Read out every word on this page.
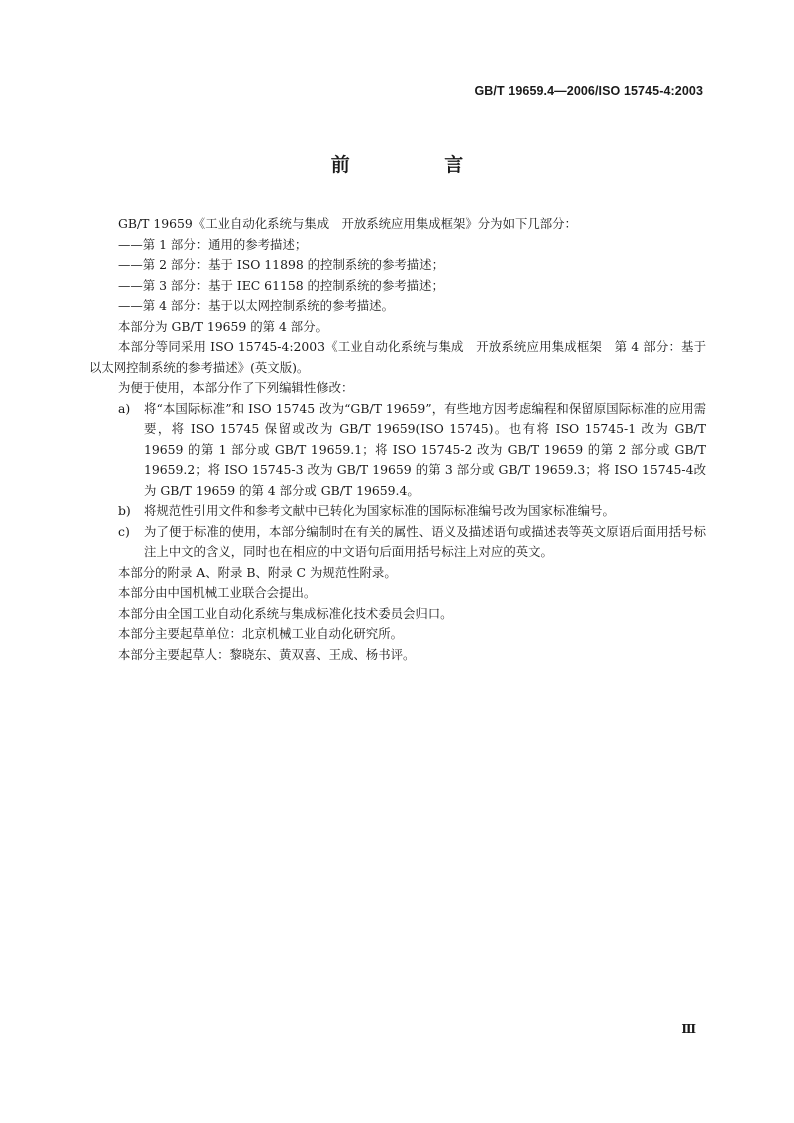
GB/T 19659.4—2006/ISO 15745-4:2003
前 言

GB/T 19659《工业自动化系统与集成　开放系统应用集成框架》分为如下几部分：

——第 1 部分：通用的参考描述；

——第 2 部分：基于 ISO 11898 的控制系统的参考描述；

——第 3 部分：基于 IEC 61158 的控制系统的参考描述；

——第 4 部分：基于以太网控制系统的参考描述。

本部分为 GB/T 19659 的第 4 部分。

本部分等同采用 ISO 15745-4:2003《工业自动化系统与集成　开放系统应用集成框架　第 4 部分：基于以太网控制系统的参考描述》(英文版)。

为便于使用，本部分作了下列编辑性修改：

a)	将“本国际标准”和 ISO 15745 改为“GB/T 19659”，有些地方因考虑编程和保留原国际标准的应用需要，将 ISO 15745 保留或改为 GB/T 19659(ISO 15745)。也有将 ISO 15745-1 改为 GB/T 19659 的第 1 部分或 GB/T 19659.1；将 ISO 15745-2 改为 GB/T 19659 的第 2 部分或 GB/T 19659.2；将 ISO 15745-3 改为 GB/T 19659 的第 3 部分或 GB/T 19659.3；将 ISO 15745-4改为 GB/T 19659 的第 4 部分或 GB/T 19659.4。
b)	将规范性引用文件和参考文献中已转化为国家标准的国际标准编号改为国家标准编号。
c)	为了便于标准的使用，本部分编制时在有关的属性、语义及描述语句或描述表等英文原语后面用括号标注上中文的含义，同时也在相应的中文语句后面用括号标注上对应的英文。

本部分的附录 A、附录 B、附录 C 为规范性附录。

本部分由中国机械工业联合会提出。

本部分由全国工业自动化系统与集成标准化技术委员会归口。

本部分主要起草单位：北京机械工业自动化研究所。

本部分主要起草人：黎晓东、黄双喜、王成、杨书评。

Ⅲ
